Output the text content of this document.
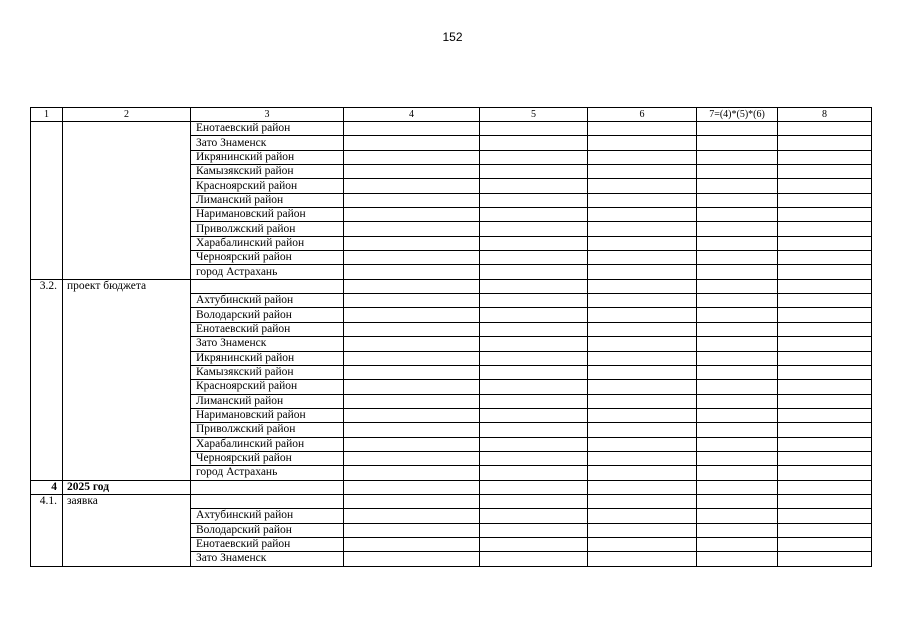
152
1	2	3	4	5	6	7=(4)*(5)*(6)	8
		Енотаевский район					
		Зато Знаменск					
		Икрянинский район					
		Камызякский район					
		Красноярский район					
		Лиманский район					
		Наримановский район					
		Приволжский район					
		Харабалинский район					
		Черноярский район					
		город Астрахань					
3.2.	проект бюджета						
		Ахтубинский район					
		Володарский район					
		Енотаевский район					
		Зато Знаменск					
		Икрянинский район					
		Камызякский район					
		Красноярский район					
		Лиманский район					
		Наримановский район					
		Приволжский район					
		Харабалинский район					
		Черноярский район					
		город Астрахань					
4	2025 год						
4.1.	заявка						
		Ахтубинский район					
		Володарский район					
		Енотаевский район					
		Зато Знаменск					
